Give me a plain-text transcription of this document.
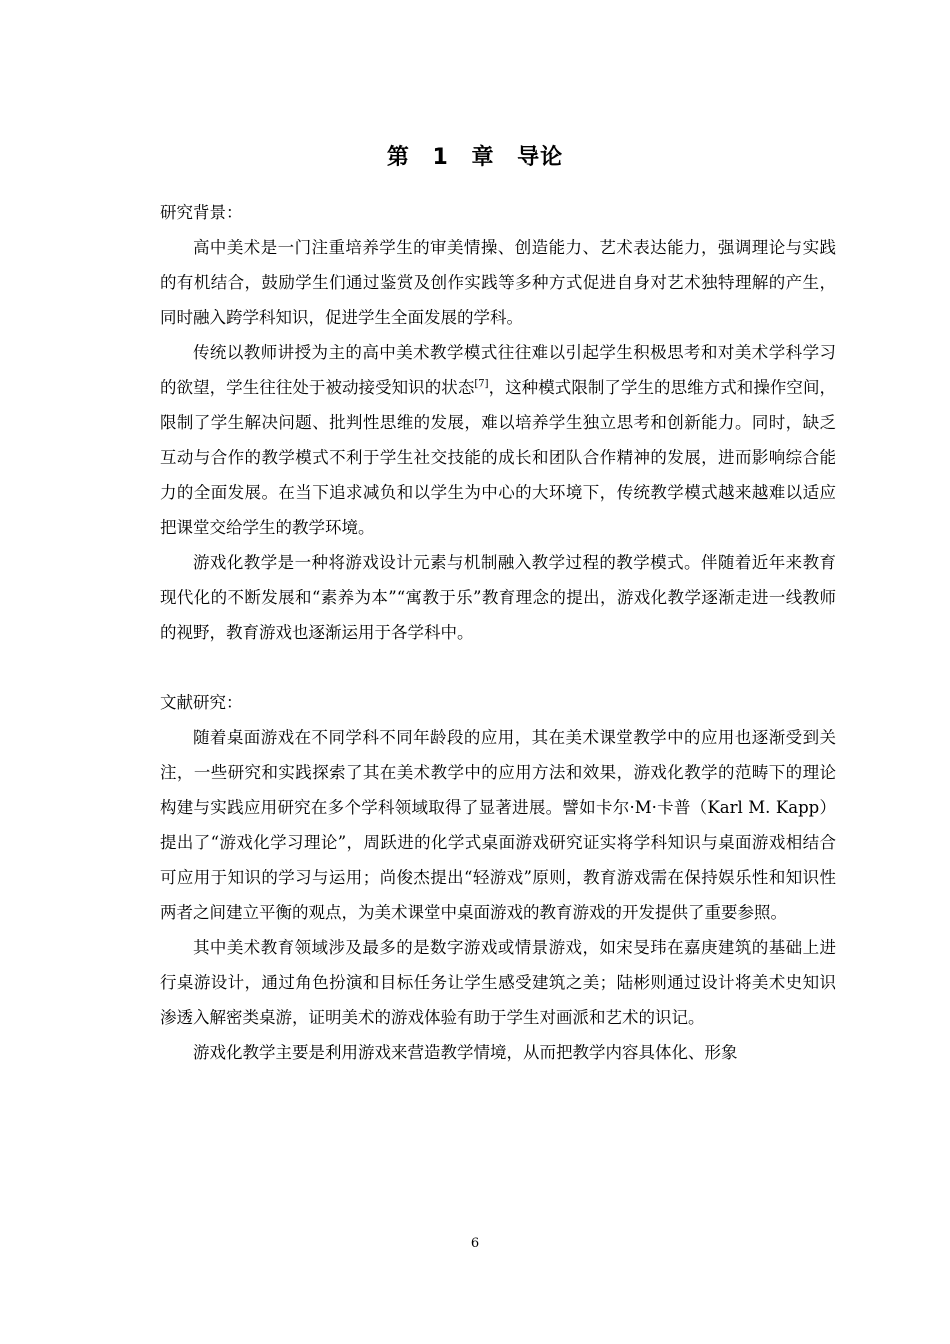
第 1 章 导论

研究背景：

高中美术是一门注重培养学生的审美情操、创造能力、艺术表达能力，强调理论与实践的有机结合，鼓励学生们通过鉴赏及创作实践等多种方式促进自身对艺术独特理解的产生，同时融入跨学科知识，促进学生全面发展的学科。

传统以教师讲授为主的高中美术教学模式往往难以引起学生积极思考和对美术学科学习的欲望，学生往往处于被动接受知识的状态[7]，这种模式限制了学生的思维方式和操作空间，限制了学生解决问题、批判性思维的发展，难以培养学生独立思考和创新能力。同时，缺乏互动与合作的教学模式不利于学生社交技能的成长和团队合作精神的发展，进而影响综合能力的全面发展。在当下追求减负和以学生为中心的大环境下，传统教学模式越来越难以适应把课堂交给学生的教学环境。

游戏化教学是一种将游戏设计元素与机制融入教学过程的教学模式。伴随着近年来教育现代化的不断发展和“素养为本”“寓教于乐”教育理念的提出，游戏化教学逐渐走进一线教师的视野，教育游戏也逐渐运用于各学科中。

文献研究：

随着桌面游戏在不同学科不同年龄段的应用，其在美术课堂教学中的应用也逐渐受到关注，一些研究和实践探索了其在美术教学中的应用方法和效果，游戏化教学的范畴下的理论构建与实践应用研究在多个学科领域取得了显著进展。譬如卡尔·M·卡普（Karl M. Kapp）提出了“游戏化学习理论”，周跃进的化学式桌面游戏研究证实将学科知识与桌面游戏相结合可应用于知识的学习与运用；尚俊杰提出“轻游戏”原则，教育游戏需在保持娱乐性和知识性两者之间建立平衡的观点，为美术课堂中桌面游戏的教育游戏的开发提供了重要参照。

其中美术教育领域涉及最多的是数字游戏或情景游戏，如宋旻玮在嘉庚建筑的基础上进行桌游设计，通过角色扮演和目标任务让学生感受建筑之美；陆彬则通过设计将美术史知识渗透入解密类桌游，证明美术的游戏体验有助于学生对画派和艺术的识记。

游戏化教学主要是利用游戏来营造教学情境，从而把教学内容具体化、形象

6
